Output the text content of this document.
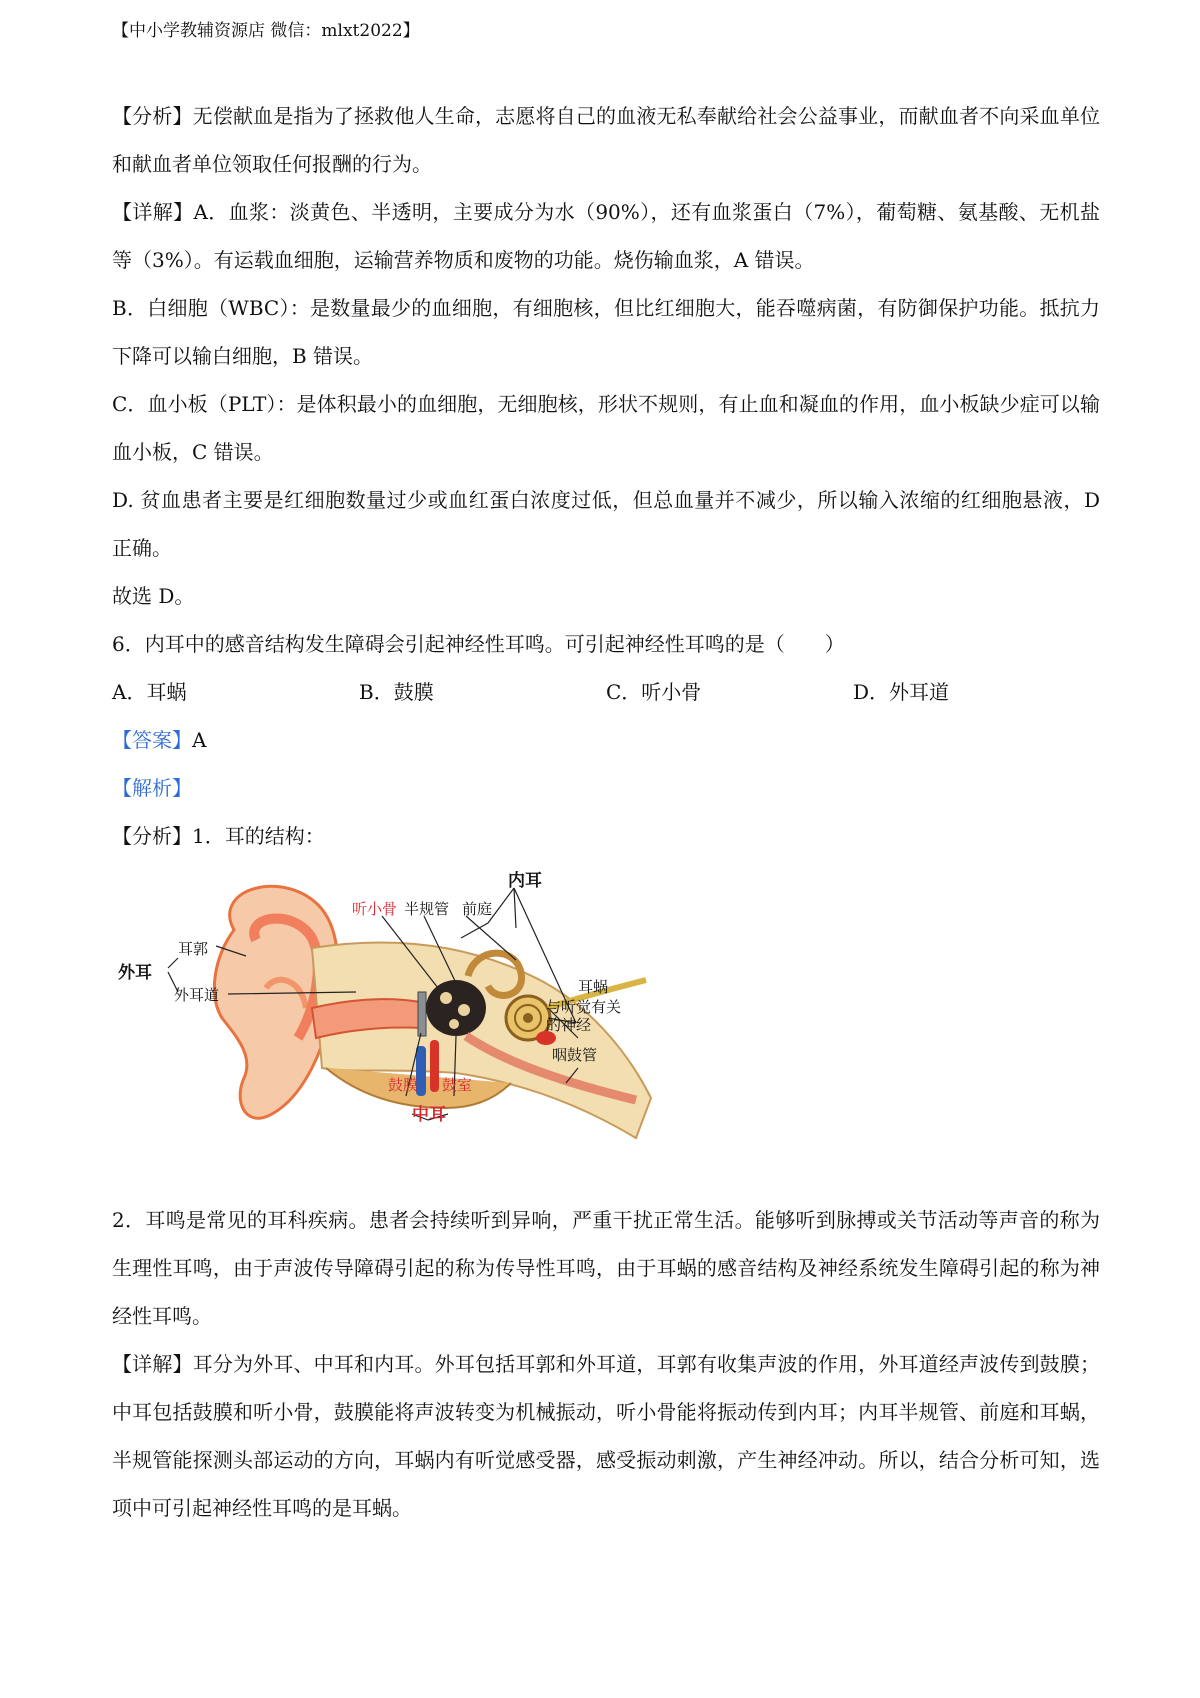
【中小学教辅资源店 微信：mlxt2022】

【分析】无偿献血是指为了拯救他人生命，志愿将自己的血液无私奉献给社会公益事业，而献血者不向采血单位和献血者单位领取任何报酬的行为。

【详解】A．血浆：淡黄色、半透明，主要成分为水（90%），还有血浆蛋白（7%），葡萄糖、氨基酸、无机盐等（3%）。有运载血细胞，运输营养物质和废物的功能。烧伤输血浆，A 错误。

B．白细胞（WBC）：是数量最少的血细胞，有细胞核，但比红细胞大，能吞噬病菌，有防御保护功能。抵抗力下降可以输白细胞，B 错误。

C．血小板（PLT）：是体积最小的血细胞，无细胞核，形状不规则，有止血和凝血的作用，血小板缺少症可以输血小板，C 错误。

D. 贫血患者主要是红细胞数量过少或血红蛋白浓度过低，但总血量并不减少，所以输入浓缩的红细胞悬液，D 正确。

故选 D。

6．内耳中的感音结构发生障碍会引起神经性耳鸣。可引起神经性耳鸣的是（　　）

A．耳蜗	B．鼓膜	C．听小骨	D．外耳道

【答案】A

【解析】

【分析】1．耳的结构：

内耳
听小骨 半规管 前庭
外耳
耳郭
外耳道	耳蜗
与听觉有关的神经
咽鼓管
鼓膜 鼓室
中耳

2．耳鸣是常见的耳科疾病。患者会持续听到异响，严重干扰正常生活。能够听到脉搏或关节活动等声音的称为生理性耳鸣，由于声波传导障碍引起的称为传导性耳鸣，由于耳蜗的感音结构及神经系统发生障碍引起的称为神经性耳鸣。

【详解】耳分为外耳、中耳和内耳。外耳包括耳郭和外耳道，耳郭有收集声波的作用，外耳道经声波传到鼓膜；中耳包括鼓膜和听小骨，鼓膜能将声波转变为机械振动，听小骨能将振动传到内耳；内耳半规管、前庭和耳蜗，半规管能探测头部运动的方向，耳蜗内有听觉感受器，感受振动刺激，产生神经冲动。所以，结合分析可知，选项中可引起神经性耳鸣的是耳蜗。
